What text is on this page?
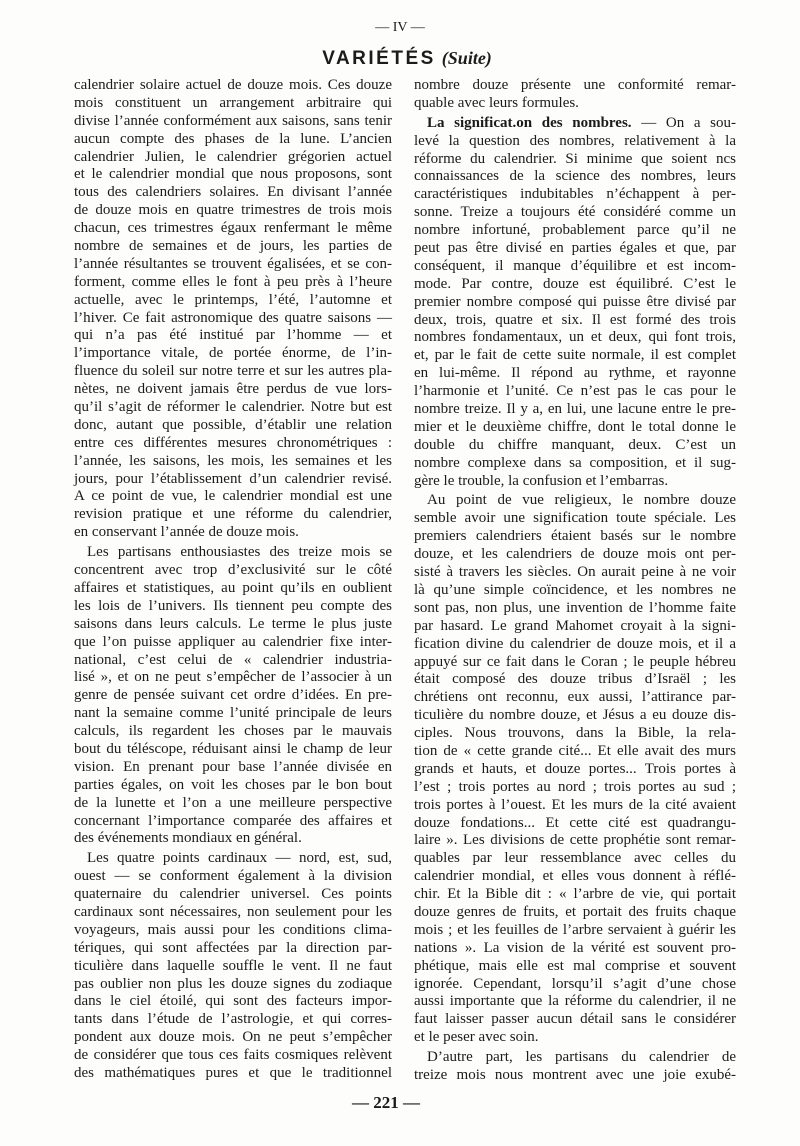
— IV —
VARIÉTÉS (Suite)
calendrier solaire actuel de douze mois. Ces douze
mois constituent un arrangement arbitraire qui
divise l’année conformément aux saisons, sans tenir
aucun compte des phases de la lune. L’ancien
calendrier Julien, le calendrier grégorien actuel
et le calendrier mondial que nous proposons, sont
tous des calendriers solaires. En divisant l’année
de douze mois en quatre trimestres de trois mois
chacun, ces trimestres égaux renfermant le même
nombre de semaines et de jours, les parties de
l’année résultantes se trouvent égalisées, et se con-
forment, comme elles le font à peu près à l’heure
actuelle, avec le printemps, l’été, l’automne et
l’hiver. Ce fait astronomique des quatre saisons —
qui n’a pas été institué par l’homme — et
l’importance vitale, de portée énorme, de l’in-
fluence du soleil sur notre terre et sur les autres pla-
nètes, ne doivent jamais être perdus de vue lors-
qu’il s’agit de réformer le calendrier. Notre but est
donc, autant que possible, d’établir une relation
entre ces différentes mesures chronométriques :
l’année, les saisons, les mois, les semaines et les
jours, pour l’établissement d’un calendrier revisé.
A ce point de vue, le calendrier mondial est une
revision pratique et une réforme du calendrier,
en conservant l’année de douze mois.
Les partisans enthousiastes des treize mois se
concentrent avec trop d’exclusivité sur le côté
affaires et statistiques, au point qu’ils en oublient
les lois de l’univers. Ils tiennent peu compte des
saisons dans leurs calculs. Le terme le plus juste
que l’on puisse appliquer au calendrier fixe inter-
national, c’est celui de « calendrier industria-
lisé », et on ne peut s’empêcher de l’associer à un
genre de pensée suivant cet ordre d’idées. En pre-
nant la semaine comme l’unité principale de leurs
calculs, ils regardent les choses par le mauvais
bout du téléscope, réduisant ainsi le champ de leur
vision. En prenant pour base l’année divisée en
parties égales, on voit les choses par le bon bout
de la lunette et l’on a une meilleure perspective
concernant l’importance comparée des affaires et
des événements mondiaux en général.
Les quatre points cardinaux — nord, est, sud,
ouest — se conforment également à la division
quaternaire du calendrier universel. Ces points
cardinaux sont nécessaires, non seulement pour les
voyageurs, mais aussi pour les conditions clima-
tériques, qui sont affectées par la direction par-
ticulière dans laquelle souffle le vent. Il ne faut
pas oublier non plus les douze signes du zodiaque
dans le ciel étoilé, qui sont des facteurs impor-
tants dans l’étude de l’astrologie, et qui corres-
pondent aux douze mois. On ne peut s’empêcher
de considérer que tous ces faits cosmiques relèvent
des mathématiques pures et que le traditionnel
nombre douze présente une conformité remar-
quable avec leurs formules.
La significat.on des nombres. — On a sou-
levé la question des nombres, relativement à la
réforme du calendrier. Si minime que soient ncs
connaissances de la science des nombres, leurs
caractéristiques indubitables n’échappent à per-
sonne. Treize a toujours été considéré comme un
nombre infortuné, probablement parce qu’il ne
peut pas être divisé en parties égales et que, par
conséquent, il manque d’équilibre et est incom-
mode. Par contre, douze est équilibré. C’est le
premier nombre composé qui puisse être divisé par
deux, trois, quatre et six. Il est formé des trois
nombres fondamentaux, un et deux, qui font trois,
et, par le fait de cette suite normale, il est complet
en lui-même. Il répond au rythme, et rayonne
l’harmonie et l’unité. Ce n’est pas le cas pour le
nombre treize. Il y a, en lui, une lacune entre le pre-
mier et le deuxième chiffre, dont le total donne le
double du chiffre manquant, deux. C’est un
nombre complexe dans sa composition, et il sug-
gère le trouble, la confusion et l’embarras.
Au point de vue religieux, le nombre douze
semble avoir une signification toute spéciale. Les
premiers calendriers étaient basés sur le nombre
douze, et les calendriers de douze mois ont per-
sisté à travers les siècles. On aurait peine à ne voir
là qu’une simple coïncidence, et les nombres ne
sont pas, non plus, une invention de l’homme faite
par hasard. Le grand Mahomet croyait à la signi-
fication divine du calendrier de douze mois, et il a
appuyé sur ce fait dans le Coran ; le peuple hébreu
était composé des douze tribus d’Israël ; les
chrétiens ont reconnu, eux aussi, l’attirance par-
ticulière du nombre douze, et Jésus a eu douze dis-
ciples. Nous trouvons, dans la Bible, la rela-
tion de « cette grande cité... Et elle avait des murs
grands et hauts, et douze portes... Trois portes à
l’est ; trois portes au nord ; trois portes au sud ;
trois portes à l’ouest. Et les murs de la cité avaient
douze fondations... Et cette cité est quadrangu-
laire ». Les divisions de cette prophétie sont remar-
quables par leur ressemblance avec celles du
calendrier mondial, et elles vous donnent à réflé-
chir. Et la Bible dit : « l’arbre de vie, qui portait
douze genres de fruits, et portait des fruits chaque
mois ; et les feuilles de l’arbre servaient à guérir les
nations ». La vision de la vérité est souvent pro-
phétique, mais elle est mal comprise et souvent
ignorée. Cependant, lorsqu’il s’agit d’une chose
aussi importante que la réforme du calendrier, il ne
faut laisser passer aucun détail sans le considérer
et le peser avec soin.
D’autre part, les partisans du calendrier de
treize mois nous montrent avec une joie exubé-
— 221 —
